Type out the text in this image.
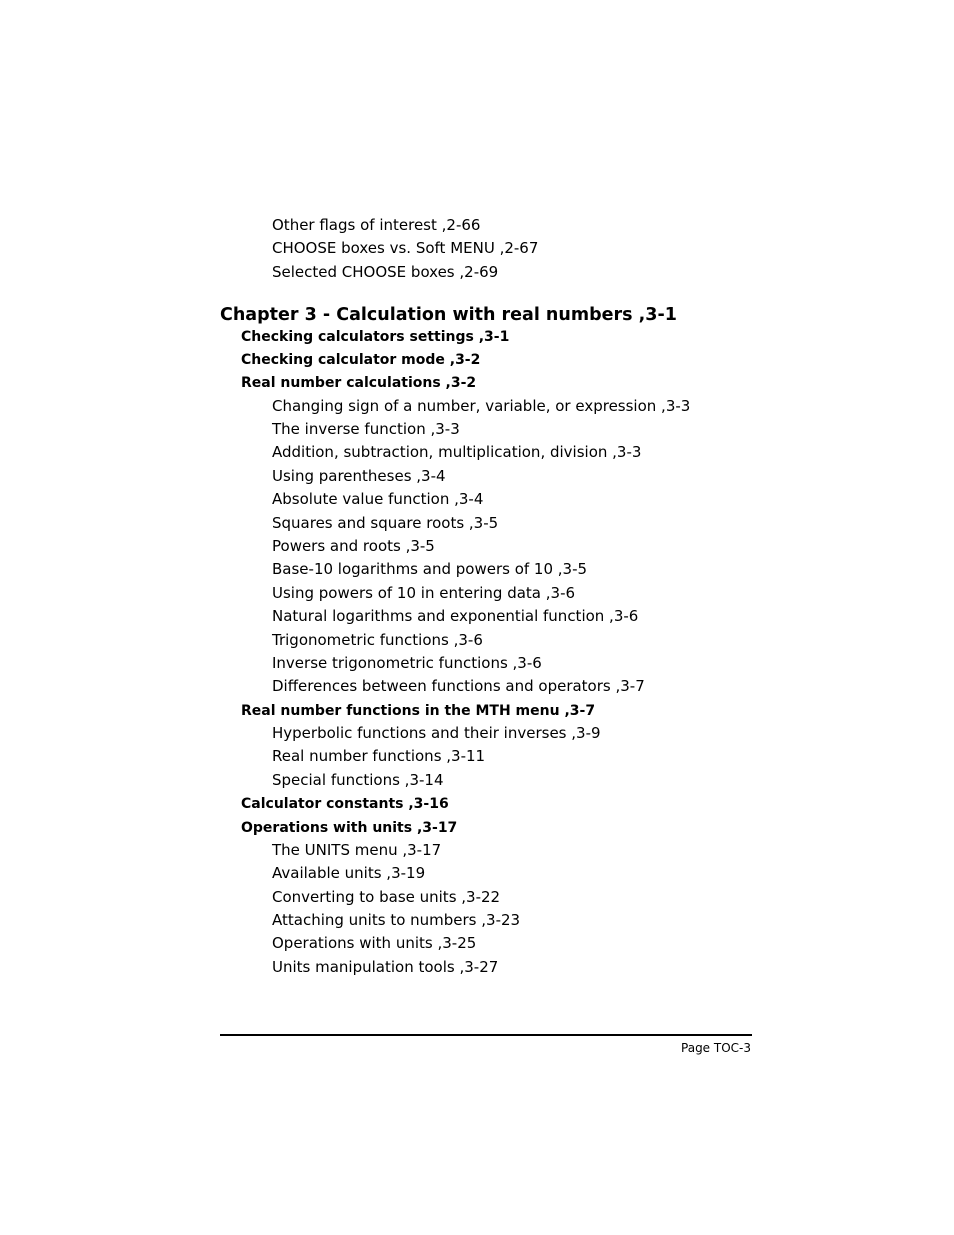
Other flags of interest ,2-66
CHOOSE boxes vs. Soft MENU ,2-67
Selected CHOOSE boxes ,2-69
Chapter 3 - Calculation with real numbers ,3-1
Checking calculators settings ,3-1
Checking calculator mode ,3-2
Real number calculations ,3-2
Changing sign of a number, variable, or expression ,3-3
The inverse function ,3-3
Addition, subtraction, multiplication, division ,3-3
Using parentheses ,3-4
Absolute value function ,3-4
Squares and square roots ,3-5
Powers and roots ,3-5
Base-10 logarithms and powers of 10 ,3-5
Using powers of 10 in entering data ,3-6
Natural logarithms and exponential function ,3-6
Trigonometric functions ,3-6
Inverse trigonometric functions ,3-6
Differences between functions and operators ,3-7
Real number functions in the MTH menu ,3-7
Hyperbolic functions and their inverses ,3-9
Real number functions ,3-11
Special functions ,3-14
Calculator constants ,3-16
Operations with units ,3-17
The UNITS menu ,3-17
Available units ,3-19
Converting to base units ,3-22
Attaching units to numbers ,3-23
Operations with units ,3-25
Units manipulation tools ,3-27
Page TOC-3
